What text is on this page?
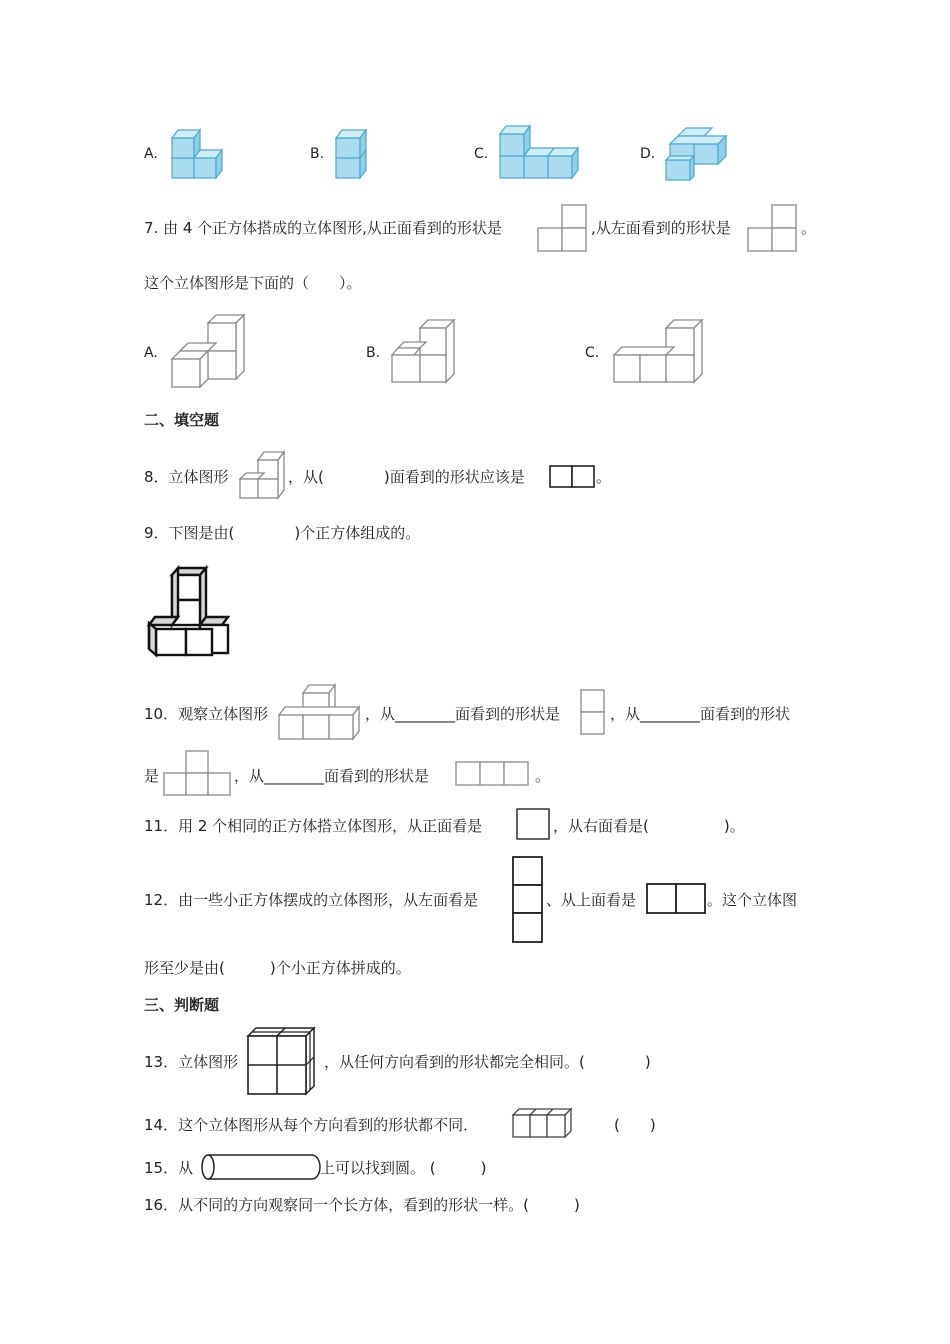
A.	B.	C.	D.
7. 由 4 个正方体搭成的立体图形,从正面看到的形状是	,从左面看到的形状是	。
这个立体图形是下面的（　　）。
A.	B.	C.
二、填空题
8．立体图形	，从(　　　　)面看到的形状应该是	。
9．下图是由(　　　　)个正方体组成的。
10．观察立体图形	，从________面看到的形状是	，从________面看到的形状
是	，从________面看到的形状是	。
11．用 2 个相同的正方体搭立体图形，从正面看是	，从右面看是(　　　　　)。
12．由一些小正方体摆成的立体图形，从左面看是	、从上面看是	。这个立体图
形至少是由(　　　)个小正方体拼成的。
三、判断题
13．立体图形	，从任何方向看到的形状都完全相同。(　　　　)
14．这个立体图形从每个方向看到的形状都不同．	(　　)
15．从	上可以找到圆。 (　　　)
16．从不同的方向观察同一个长方体，看到的形状一样。(　　　)
